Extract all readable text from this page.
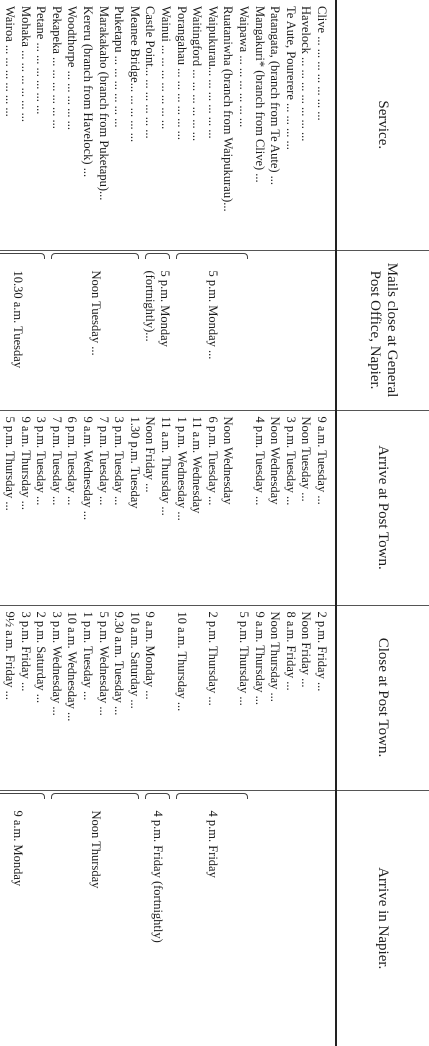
Service.	Mails close at General Post Office, Napier.	Arrive at Post Town.	Close at Post Town.	Arrive in Napier.
Clive ... ... ... ... ... ... ...		9 a.m. Tuesday ...	2 p.m. Friday ...	

Havelock ... ... ... ... ... ... ...		Noon Tuesday ...	Noon Friday ...	
Te Aute, Pourerere ... ... ... ...		3 p.m. Tuesday ...	8 a.m. Friday ...	
Patangata, (branch from Te Aute) ...		Noon Wednesday	Noon Thursday ...	
Mangakuri* (branch from Clive) ...		4 p.m. Tuesday ...	9 a.m. Thursday ...	
Waipawa ... ... ... ... ... ...	5 p.m. Monday ...		5 p.m. Thursday ...	4 p.m. Friday

Ruataniwha (branch from Waipukurau)...		Noon Wednesday		
Waipukurau... ... ... ... ... ...		6 p.m. Tuesday ...	2 p.m. Thursday ...	
Waitingford ... ... ... ... ... ...		11 a.m. Wednesday		
Porangahau ... ... ... ... ... ...		1 p.m. Wednesday ...	10 a.m. Thursday ...	
Wainui ... ... ... ... ... ... ...	5 p.m. Monday (fortnightly)...	11 a.m. Thursday ...		4 p.m. Friday (fortnightly)

Castle Point... ... ... ... ... ...		Noon Friday ...	9 a.m. Monday ...	
Meanee Bridge... ... ... ... ...	Noon Tuesday ...	1.30 p.m. Tuesday	10 a.m. Saturday ...	Noon Thursday

Puketapu ... ... ... ... ... ...		3 p.m. Tuesday ...	9.30 a.m. Tuesday ...	
Marakakaho (branch from Puketapu)...		7 p.m. Tuesday ...	5 p.m. Wednesday ...	
Kereru (branch from Havelock) ...		9 a.m. Wednesday ...	1 p.m. Tuesday ...	
Woodthorpe ... ... ... ... ...		6 p.m. Tuesday ...	10 a.m. Wednesday ...	
Pekapeka ... ... ... ... ... ...		7 p.m. Tuesday ...	3 p.m. Wednesday ...	
Petane ... ... ... ... ... ...	10.30 a.m. Tuesday	3 p.m. Tuesday ...	2 p.m. Saturday ...	9 a.m. Monday

Mohaka ... ... ... ... ... ...		9 a.m. Thursday ...	3 p.m. Friday ...	
Wairoa ... ... ... ... ... ...		5 p.m. Thursday ...	9½ a.m. Friday ...	
